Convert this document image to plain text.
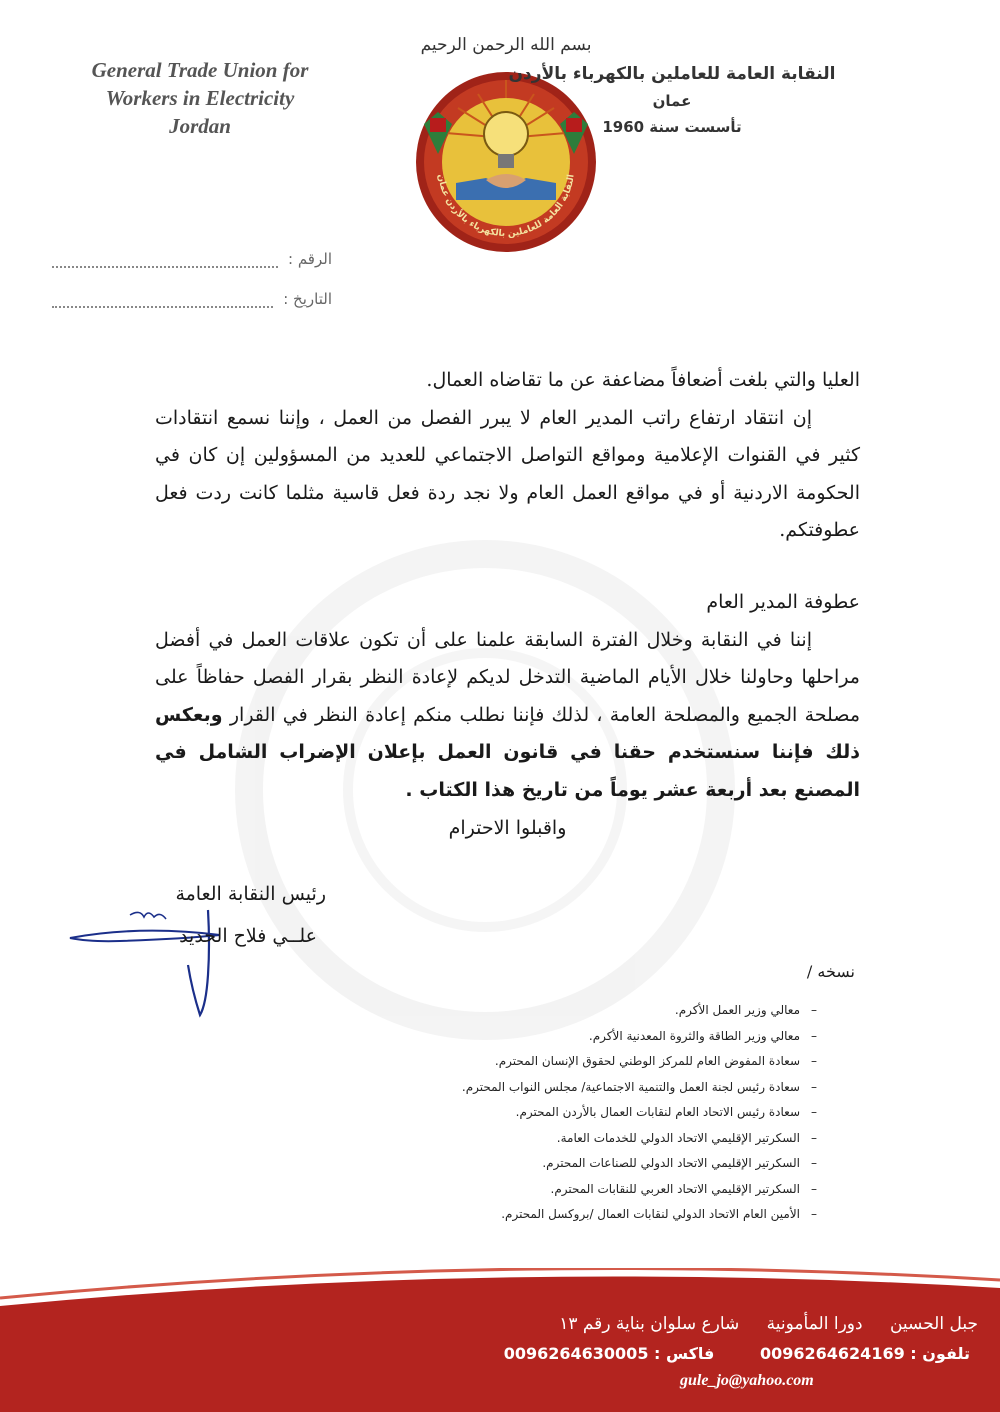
General Trade Union for
Workers in Electricity
Jordan
بسم الله الرحمن الرحيم
النقابة العامة للعاملين بالكهرباء بالأردن عمان
النقابة العامة للعاملين بالكهرباء بالأردن
عمان
تأسست سنة 1960
الرقم :
التاريخ :

العليا والتي بلغت أضعافاً مضاعفة عن ما تقاضاه العمال.

إن انتقاد ارتفاع راتب المدير العام لا يبرر الفصل من العمل ، وإننا نسمع انتقادات كثير في القنوات الإعلامية ومواقع التواصل الاجتماعي للعديد من المسؤولين إن كان في الحكومة الاردنية أو في مواقع العمل العام ولا نجد ردة فعل قاسية مثلما كانت ردت فعل عطوفتكم.

عطوفة المدير العام

إننا في النقابة وخلال الفترة السابقة علمنا على أن تكون علاقات العمل في أفضل مراحلها وحاولنا خلال الأيام الماضية التدخل لديكم لإعادة النظر بقرار الفصل حفاظاً على مصلحة الجميع والمصلحة العامة ، لذلك فإننا نطلب منكم إعادة النظر في القرار وبعكس ذلك فإننا سنستخدم حقنا في قانون العمل بإعلان الإضراب الشامل في المصنع بعد أربعة عشر يوماً من تاريخ هذا الكتاب .

واقبلوا الاحترام

رئيس النقابة العامة
علــي فلاح الحديد
نسخه /
–
معالي وزير العمل الأكرم.
–
معالي وزير الطاقة والثروة المعدنية الأكرم.
–
سعادة المفوض العام للمركز الوطني لحقوق الإنسان المحترم.
–
سعادة رئيس لجنة العمل والتنمية الاجتماعية/ مجلس النواب المحترم.
–
سعادة رئيس الاتحاد العام لنقابات العمال بالأردن المحترم.
–
السكرتير الإقليمي الاتحاد الدولي للخدمات العامة.
–
السكرتير الإقليمي الاتحاد الدولي للصناعات المحترم.
–
السكرتير الإقليمي الاتحاد العربي للنقابات المحترم.
–
الأمين العام الاتحاد الدولي لنقابات العمال /بروكسل المحترم.
جبل الحسين دورا المأمونية شارع سلوان بناية رقم ١٣
تلفون : 0096264624169 فاكس : 0096264630005
gule_jo@yahoo.com
